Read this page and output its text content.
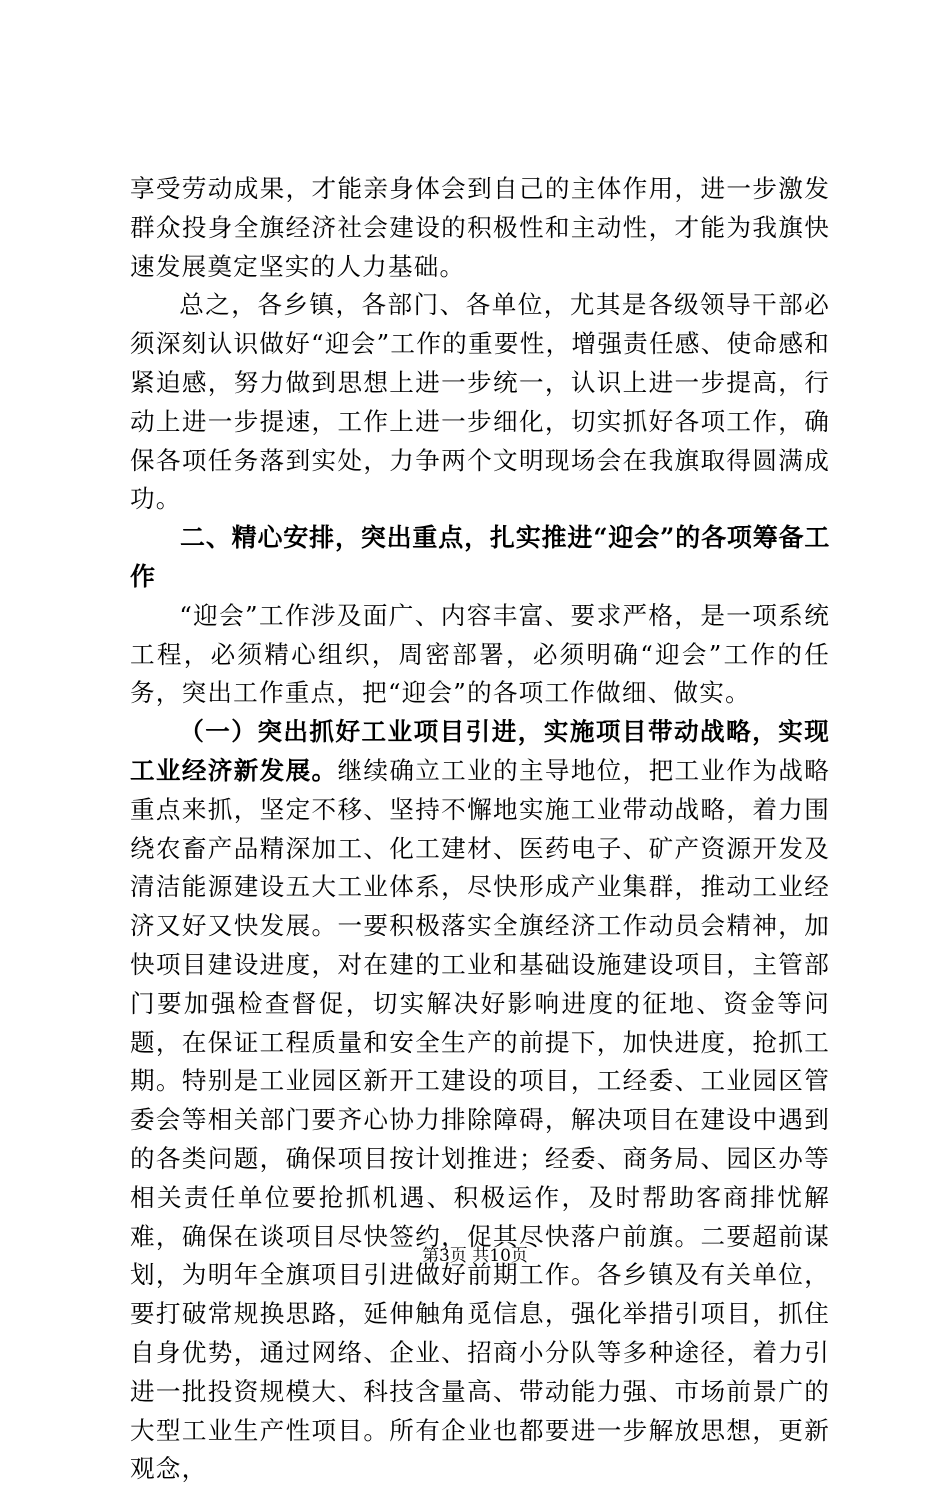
享受劳动成果，才能亲身体会到自己的主体作用，进一步激发群众投身全旗经济社会建设的积极性和主动性，才能为我旗快速发展奠定坚实的人力基础。

总之，各乡镇，各部门、各单位，尤其是各级领导干部必须深刻认识做好“迎会”工作的重要性，增强责任感、使命感和紧迫感，努力做到思想上进一步统一，认识上进一步提高，行动上进一步提速，工作上进一步细化，切实抓好各项工作，确保各项任务落到实处，力争两个文明现场会在我旗取得圆满成功。

二、精心安排，突出重点，扎实推进“迎会”的各项筹备工作

“迎会”工作涉及面广、内容丰富、要求严格，是一项系统工程，必须精心组织，周密部署，必须明确“迎会”工作的任务，突出工作重点，把“迎会”的各项工作做细、做实。

（一）突出抓好工业项目引进，实施项目带动战略，实现工业经济新发展。继续确立工业的主导地位，把工业作为战略重点来抓，坚定不移、坚持不懈地实施工业带动战略，着力围绕农畜产品精深加工、化工建材、医药电子、矿产资源开发及清洁能源建设五大工业体系，尽快形成产业集群，推动工业经济又好又快发展。一要积极落实全旗经济工作动员会精神，加快项目建设进度，对在建的工业和基础设施建设项目，主管部门要加强检查督促，切实解决好影响进度的征地、资金等问题，在保证工程质量和安全生产的前提下，加快进度，抢抓工期。特别是工业园区新开工建设的项目，工经委、工业园区管委会等相关部门要齐心协力排除障碍，解决项目在建设中遇到的各类问题，确保项目按计划推进；经委、商务局、园区办等相关责任单位要抢抓机遇、积极运作，及时帮助客商排忧解难，确保在谈项目尽快签约，促其尽快落户前旗。二要超前谋划，为明年全旗项目引进做好前期工作。各乡镇及有关单位，要打破常规换思路，延伸触角觅信息，强化举措引项目，抓住自身优势，通过网络、企业、招商小分队等多种途径，着力引进一批投资规模大、科技含量高、带动能力强、市场前景广的大型工业生产性项目。所有企业也都要进一步解放思想，更新观念，

第3页 共10页
